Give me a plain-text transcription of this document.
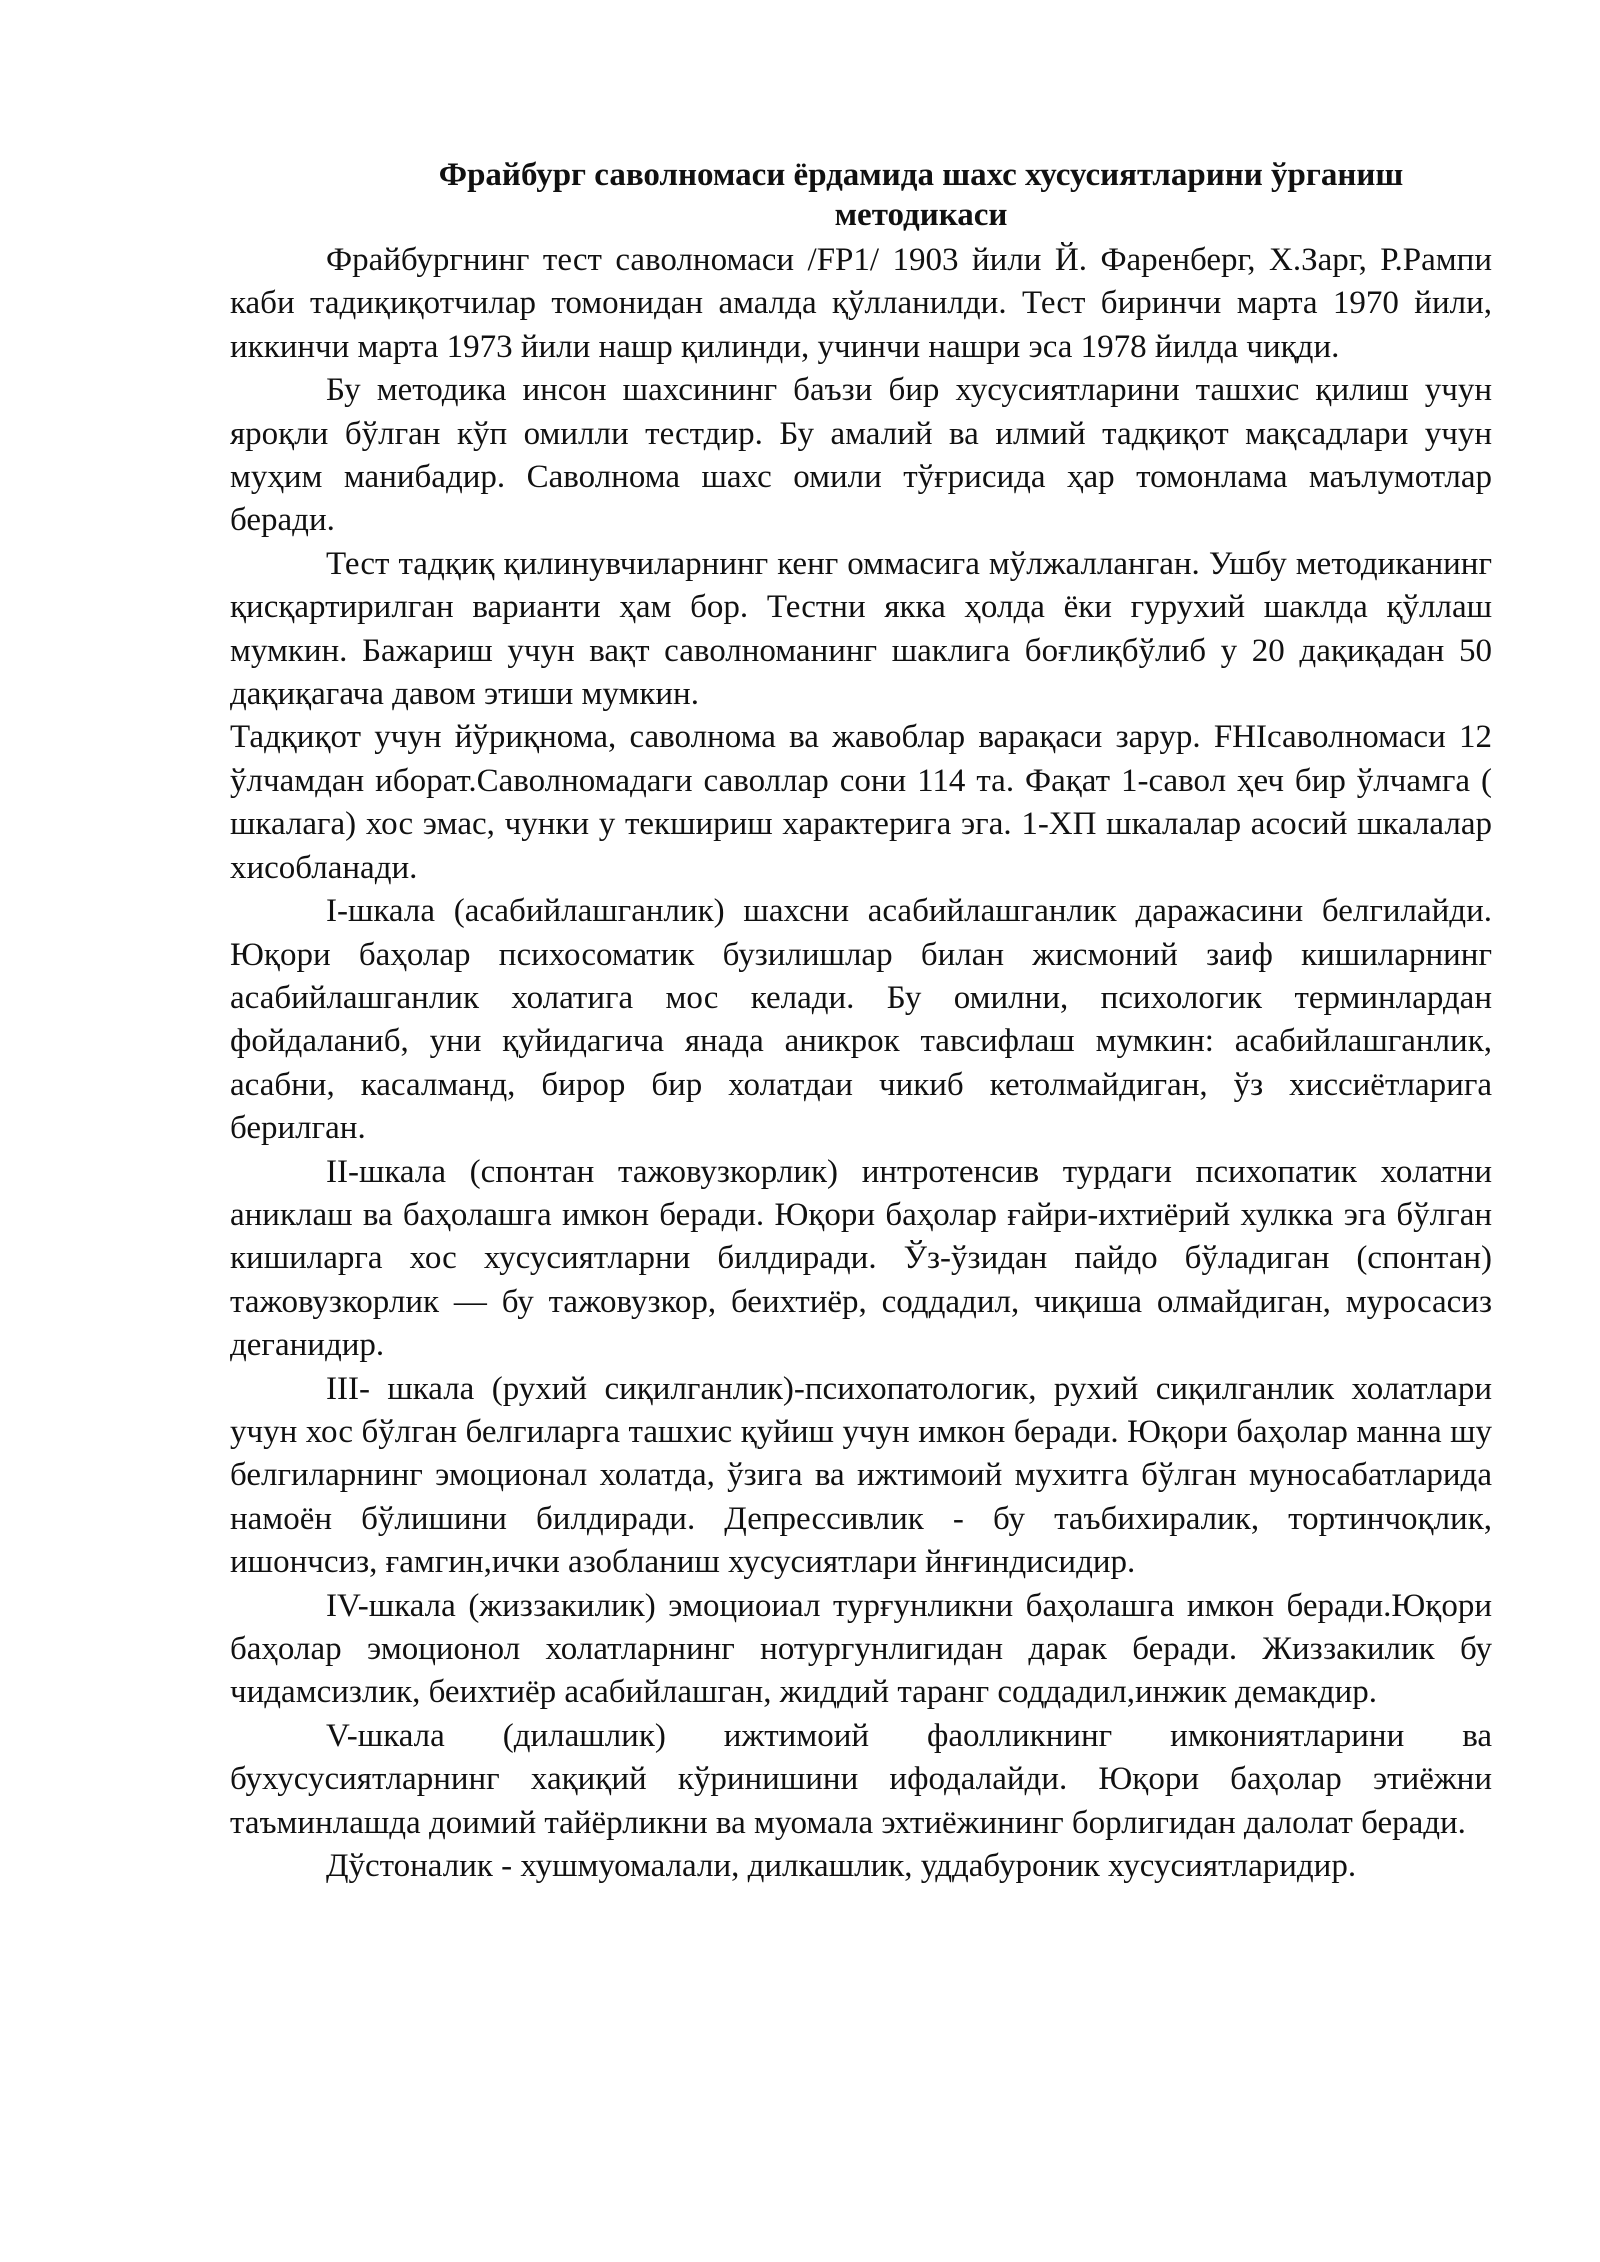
Фрайбург саволномаси ёрдамида шахс хусусиятларини ўрганиш
методикаси

Фрайбургнинг тест саволномаси /FP1/ 1903 йили Й. Фаренберг, Х.Зарг, Р.Рампи каби тадиқиқотчилар томонидан амалда қўлланилди. Тест биринчи марта 1970 йили, иккинчи марта 1973 йили нашр қилинди, учинчи нашри эса 1978 йилда чиқди.

Бу методика инсон шахсининг баъзи бир хусусиятларини ташхис қилиш учун яроқли бўлган кўп омилли тестдир. Бу амалий ва илмий тадқиқот мақсадлари учун муҳим манибадир. Саволнома шахс омили тўғрисида ҳар томонлама маълумотлар беради.

Тест тадқиқ қилинувчиларнинг кенг оммасига мўлжалланган. Ушбу методиканинг қисқартирилган варианти ҳам бор. Тестни якка ҳолда ёки гурухий шаклда қўллаш мумкин. Бажариш учун вақт саволноманинг шаклига боғлиқбўлиб у 20 дақиқадан 50 дақиқагача давом этиши мумкин.

Тадқиқот учун йўриқнома, саволнома ва жавоблар варақаси зарур. FHIсаволномаси 12 ўлчамдан иборат.Саволномадаги саволлар сони 114 та. Фақат 1-савол ҳеч бир ўлчамга ( шкалага) хос эмас, чунки у текшириш характерига эга. 1-ХП шкалалар асосий шкалалар хисобланади.

I-шкала (асабийлашганлик) шахсни асабийлашганлик даражасини белгилайди. Юқори баҳолар психосоматик бузилишлар билан жисмоний заиф кишиларнинг асабийлашганлик холатига мос келади. Бу омилни, психологик терминлардан фойдаланиб, уни қуйидагича янада аникрок тавсифлаш мумкин: асабийлашганлик, асабни, касалманд, бирор бир холатдаи чикиб кетолмайдиган, ўз хиссиётларига берилган.

II-шкала (спонтан тажовузкорлик) интротенсив турдаги психопатик холатни аниклаш ва баҳолашга имкон беради. Юқори баҳолар ғайри-ихтиёрий хулкка эга бўлган кишиларга хос хусусиятларни билдиради. Ўз-ўзидан пайдо бўладиган (спонтан) тажовузкорлик — бу тажовузкор, беихтиёр, соддадил, чиқиша олмайдиган, муросасиз деганидир.

III- шкала (рухий сиқилганлик)-психопатологик, рухий сиқилганлик холатлари учун хос бўлган белгиларга ташхис қуйиш учун имкон беради. Юқори баҳолар манна шу белгиларнинг эмоционал холатда, ўзига ва ижтимоий мухитга бўлган муносабатларида намоён бўлишини билдиради. Депрессивлик - бу таъбихиралик, тортинчоқлик, ишончсиз, ғамгин,ички азобланиш хусусиятлари йнғиндисидир.

IV-шкала (жиззакилик) эмоциоиал турғунликни баҳолашга имкон беради.Юқори баҳолар эмоционол холатларнинг нотургунлигидан дарак беради. Жиззакилик бу чидамсизлик, беихтиёр асабийлашган, жиддий таранг соддадил,инжик демакдир.

V-шкала (дилашлик) ижтимоий фаолликнинг имкониятларини ва бухусусиятларнинг хақиқий кўринишини ифодалайди. Юқори баҳолар этиёжни таъминлашда доимий тайёрликни ва муомала эхтиёжининг борлигидан далолат беради.

Дўстоналик - хушмуомалали, дилкашлик, уддабуроник хусусиятларидир.
